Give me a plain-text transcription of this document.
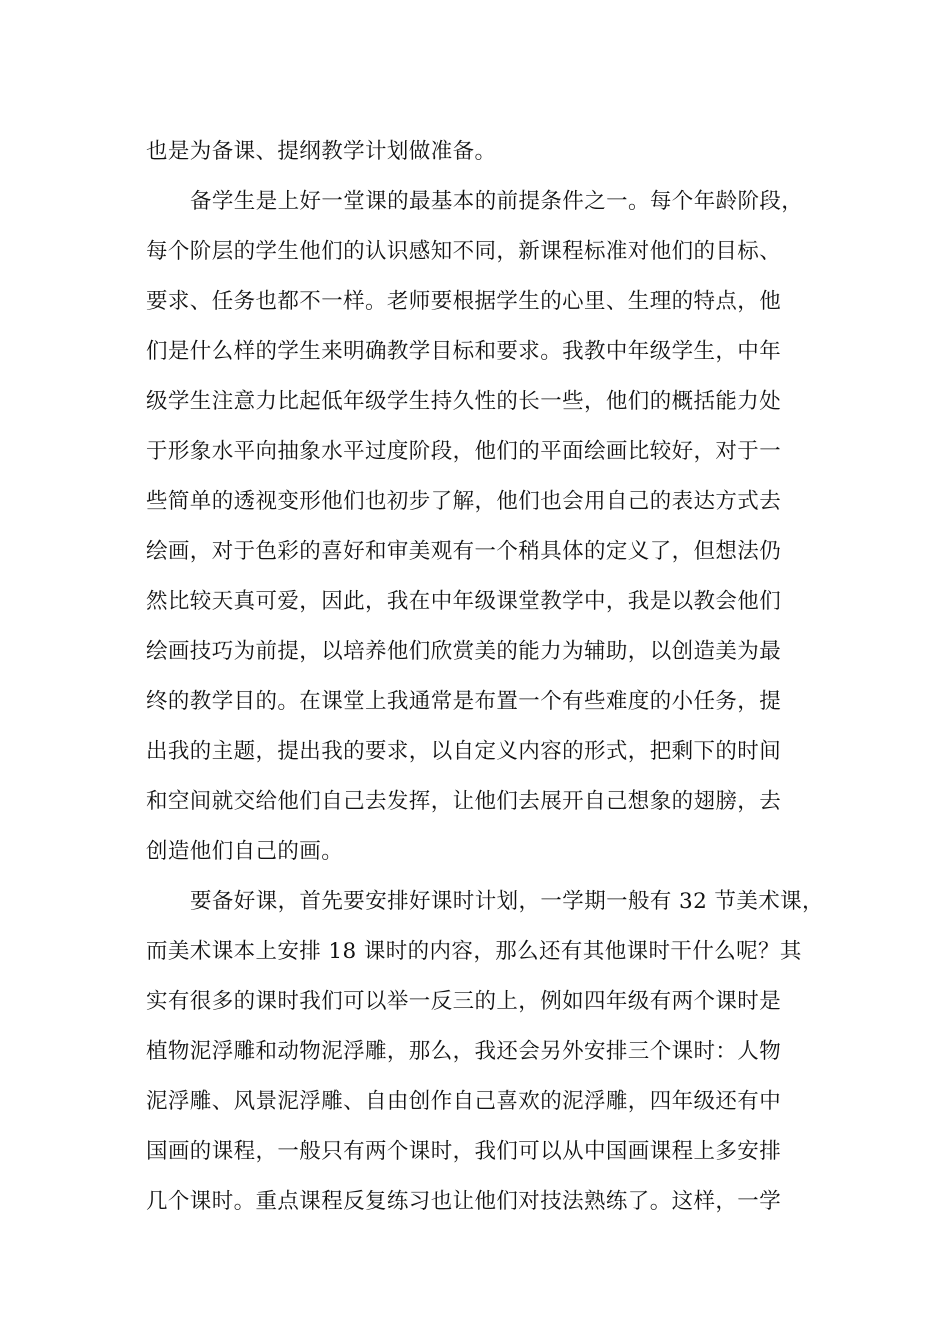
也是为备课、提纲教学计划做准备。
备学生是上好一堂课的最基本的前提条件之一。每个年龄阶段，
每个阶层的学生他们的认识感知不同，新课程标准对他们的目标、
要求、任务也都不一样。老师要根据学生的心里、生理的特点，他
们是什么样的学生来明确教学目标和要求。我教中年级学生，中年
级学生注意力比起低年级学生持久性的长一些，他们的概括能力处
于形象水平向抽象水平过度阶段，他们的平面绘画比较好，对于一
些简单的透视变形他们也初步了解，他们也会用自己的表达方式去
绘画，对于色彩的喜好和审美观有一个稍具体的定义了，但想法仍
然比较天真可爱，因此，我在中年级课堂教学中，我是以教会他们
绘画技巧为前提，以培养他们欣赏美的能力为辅助，以创造美为最
终的教学目的。在课堂上我通常是布置一个有些难度的小任务，提
出我的主题，提出我的要求，以自定义内容的形式，把剩下的时间
和空间就交给他们自己去发挥，让他们去展开自己想象的翅膀，去
创造他们自己的画。
要备好课，首先要安排好课时计划，一学期一般有 32 节美术课，
而美术课本上安排 18 课时的内容，那么还有其他课时干什么呢？其
实有很多的课时我们可以举一反三的上，例如四年级有两个课时是
植物泥浮雕和动物泥浮雕，那么，我还会另外安排三个课时：人物
泥浮雕、风景泥浮雕、自由创作自己喜欢的泥浮雕，四年级还有中
国画的课程，一般只有两个课时，我们可以从中国画课程上多安排
几个课时。重点课程反复练习也让他们对技法熟练了。这样，一学
